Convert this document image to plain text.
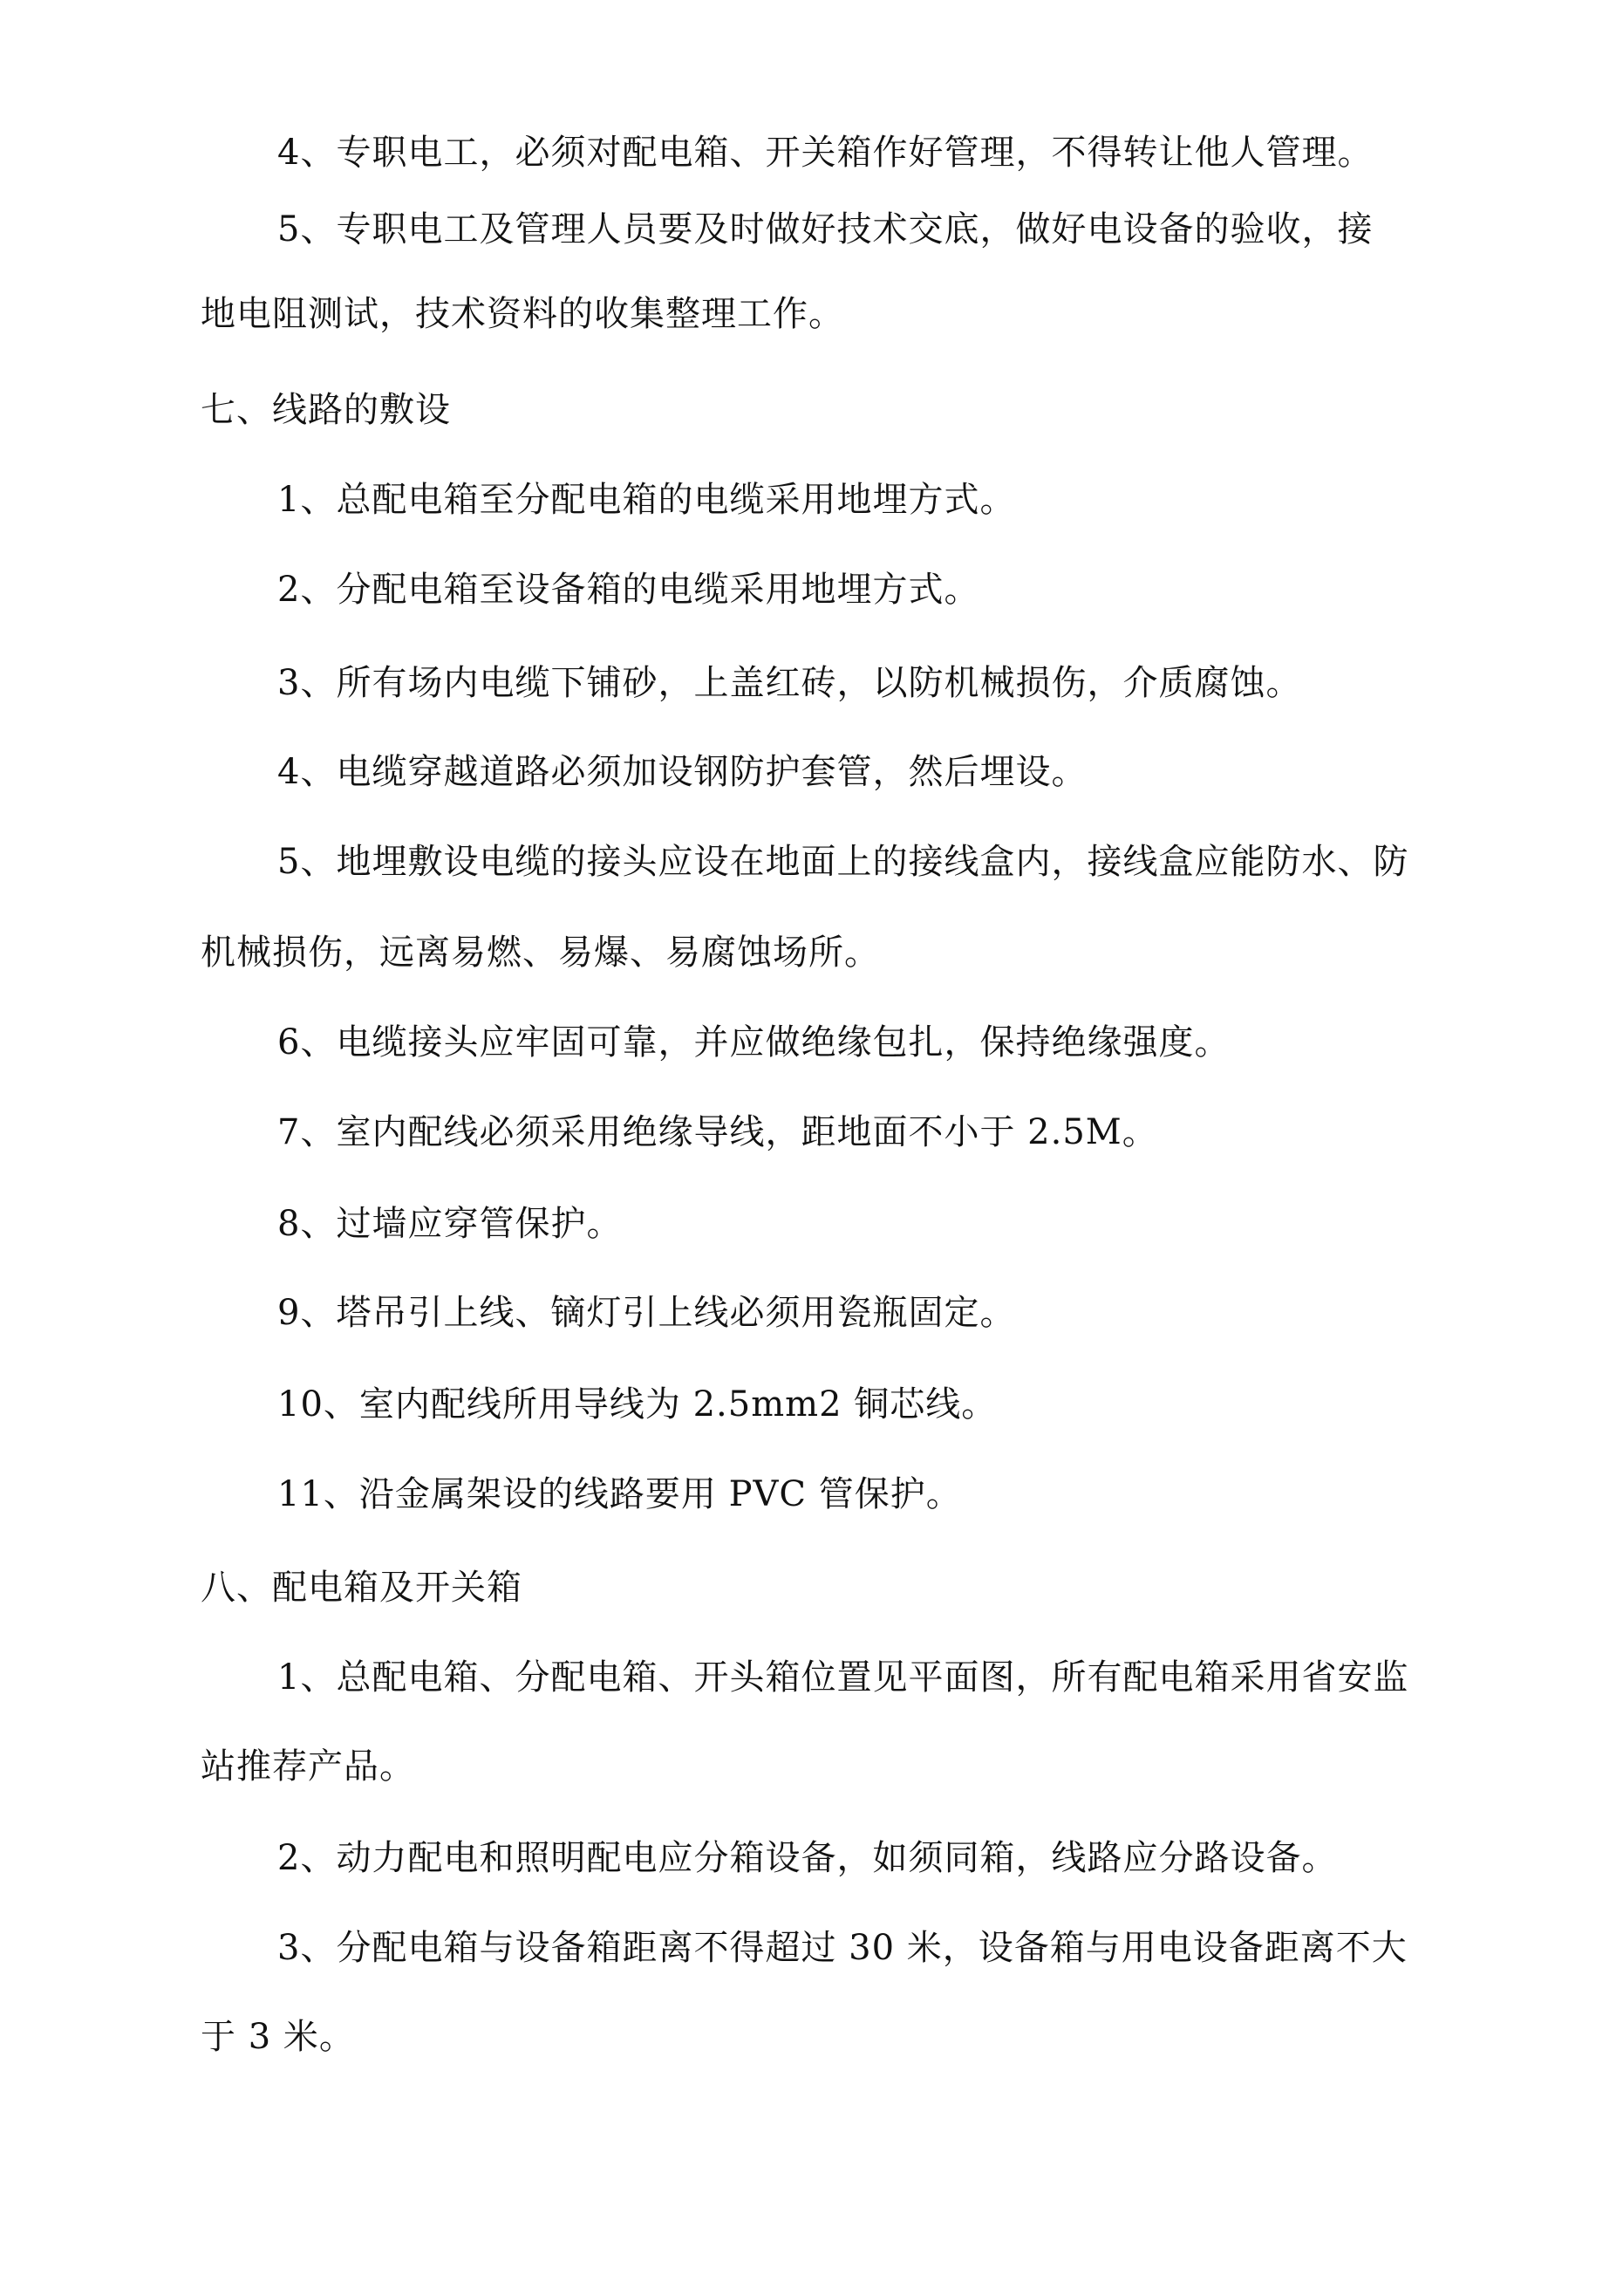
4、专职电工，必须对配电箱、开关箱作好管理，不得转让他人管理。
5、专职电工及管理人员要及时做好技术交底，做好电设备的验收，接
地电阻测试，技术资料的收集整理工作。
七、线路的敷设
1、总配电箱至分配电箱的电缆采用地埋方式。
2、分配电箱至设备箱的电缆采用地埋方式。
3、所有场内电缆下铺砂，上盖红砖，以防机械损伤，介质腐蚀。
4、电缆穿越道路必须加设钢防护套管，然后埋设。
5、地埋敷设电缆的接头应设在地面上的接线盒内，接线盒应能防水、防
机械损伤，远离易燃、易爆、易腐蚀场所。
6、电缆接头应牢固可靠，并应做绝缘包扎，保持绝缘强度。
7、室内配线必须采用绝缘导线，距地面不小于 2.5M。
8、过墙应穿管保护。
9、塔吊引上线、镝灯引上线必须用瓷瓶固定。
10、室内配线所用导线为 2.5mm2 铜芯线。
11、沿金属架设的线路要用 PVC 管保护。
八、配电箱及开关箱
1、总配电箱、分配电箱、开头箱位置见平面图，所有配电箱采用省安监
站推荐产品。
2、动力配电和照明配电应分箱设备，如须同箱，线路应分路设备。
3、分配电箱与设备箱距离不得超过 30 米，设备箱与用电设备距离不大
于 3 米。
